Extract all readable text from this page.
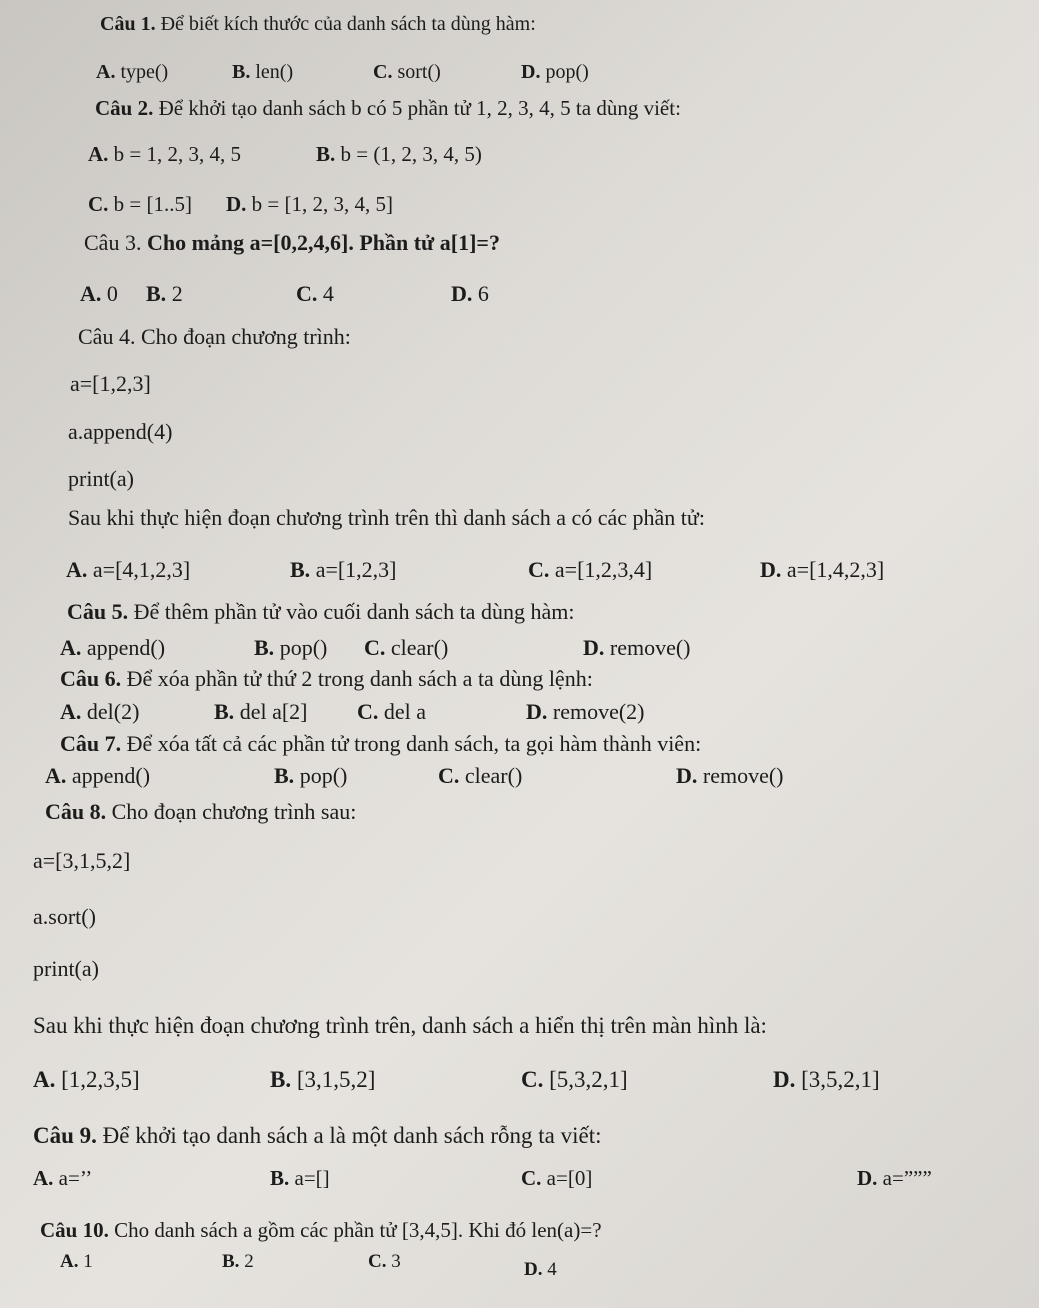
Câu 1. Để biết kích thước của danh sách ta dùng hàm:
A. type()	B. len()	C. sort()	D. pop()
Câu 2. Để khởi tạo danh sách b có 5 phần tử 1, 2, 3, 4, 5 ta dùng viết:
A. b = 1, 2, 3, 4, 5	B. b = (1, 2, 3, 4, 5)
C. b = [1..5] D. b = [1, 2, 3, 4, 5]
Câu 3. Cho mảng a=[0,2,4,6]. Phần tử a[1]=?
A. 0 B. 2	C. 4	D. 6
Câu 4. Cho đoạn chương trình:
a=[1,2,3]
a.append(4)
print(a)
Sau khi thực hiện đoạn chương trình trên thì danh sách a có các phần tử:
A. a=[4,1,2,3]	B. a=[1,2,3]	C. a=[1,2,3,4]	D. a=[1,4,2,3]
Câu 5. Để thêm phần tử vào cuối danh sách ta dùng hàm:
A. append()	B. pop() C. clear()	D. remove()
Câu 6. Để xóa phần tử thứ 2 trong danh sách a ta dùng lệnh:
A. del(2)	B. del a[2] C. del a	D. remove(2)
Câu 7. Để xóa tất cả các phần tử trong danh sách, ta gọi hàm thành viên:
A. append()	B. pop()	C. clear()	D. remove()
Câu 8. Cho đoạn chương trình sau:
a=[3,1,5,2]
a.sort()
print(a)
Sau khi thực hiện đoạn chương trình trên, danh sách a hiển thị trên màn hình là:
A. [1,2,3,5]	B. [3,1,5,2]	C. [5,3,2,1]	D. [3,5,2,1]
Câu 9. Để khởi tạo danh sách a là một danh sách rỗng ta viết:
A. a=’’	B. a=[]	C. a=[0]	D. a=”””
Câu 10. Cho danh sách a gồm các phần tử [3,4,5]. Khi đó len(a)=?
A. 1	B. 2	C. 3	D. 4
